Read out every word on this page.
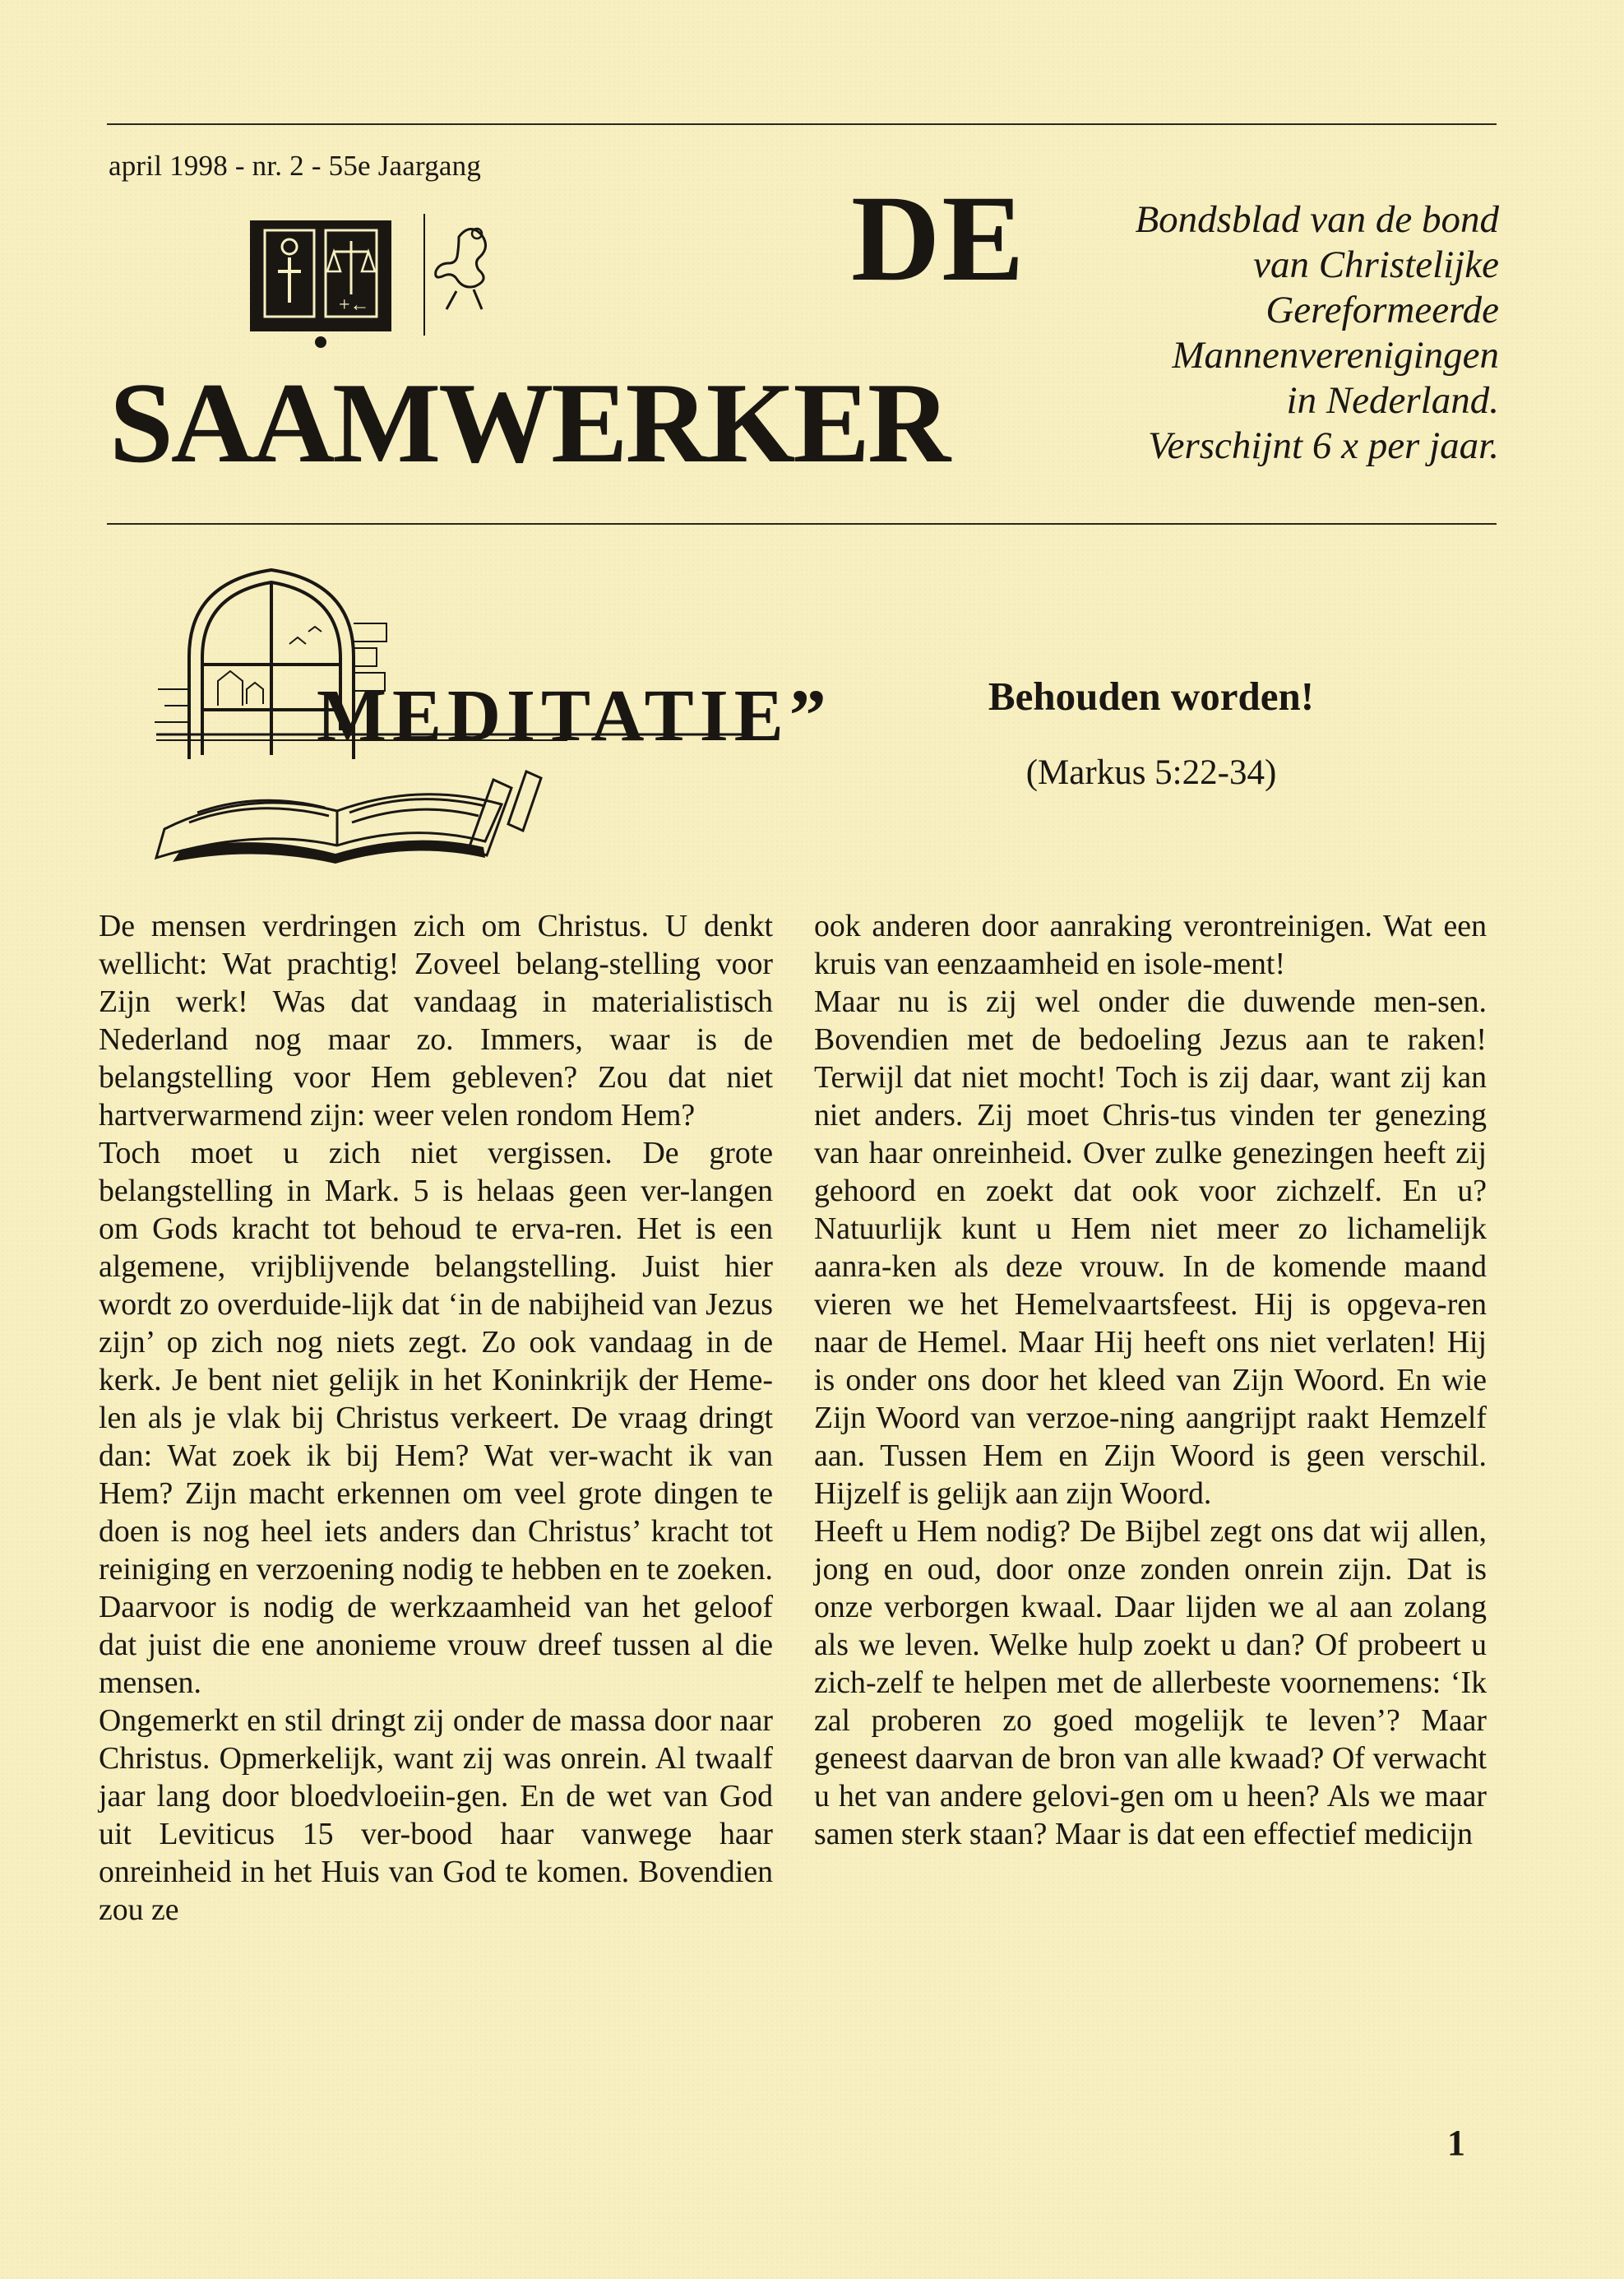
april 1998 - nr. 2 - 55e Jaargang
+←	DE
SAAMWERKER
Bondsblad van de bond
van Christelijke
Gereformeerde
Mannenverenigingen
in Nederland.
Verschijnt 6 x per jaar.
MEDITATIE”	Behouden worden!
(Markus 5:22-34)

De mensen verdringen zich om Christus. U denkt wellicht: Wat prachtig! Zoveel belang-stelling voor Zijn werk! Was dat vandaag in materialistisch Nederland nog maar zo. Immers, waar is de belangstelling voor Hem gebleven? Zou dat niet hartverwarmend zijn: weer velen rondom Hem?

Toch moet u zich niet vergissen. De grote belangstelling in Mark. 5 is helaas geen ver-langen om Gods kracht tot behoud te erva-ren. Het is een algemene, vrijblijvende belangstelling. Juist hier wordt zo overduide-lijk dat ‘in de nabijheid van Jezus zijn’ op zich nog niets zegt. Zo ook vandaag in de kerk. Je bent niet gelijk in het Koninkrijk der Heme-len als je vlak bij Christus verkeert. De vraag dringt dan: Wat zoek ik bij Hem? Wat ver-wacht ik van Hem? Zijn macht erkennen om veel grote dingen te doen is nog heel iets anders dan Christus’ kracht tot reiniging en verzoening nodig te hebben en te zoeken. Daarvoor is nodig de werkzaamheid van het geloof dat juist die ene anonieme vrouw dreef tussen al die mensen.

Ongemerkt en stil dringt zij onder de massa door naar Christus. Opmerkelijk, want zij was onrein. Al twaalf jaar lang door bloedvloeiin-gen. En de wet van God uit Leviticus 15 ver-bood haar vanwege haar onreinheid in het Huis van God te komen. Bovendien zou ze

ook anderen door aanraking verontreinigen. Wat een kruis van eenzaamheid en isole-ment!

Maar nu is zij wel onder die duwende men-sen. Bovendien met de bedoeling Jezus aan te raken! Terwijl dat niet mocht! Toch is zij daar, want zij kan niet anders. Zij moet Chris-tus vinden ter genezing van haar onreinheid. Over zulke genezingen heeft zij gehoord en zoekt dat ook voor zichzelf. En u? Natuurlijk kunt u Hem niet meer zo lichamelijk aanra-ken als deze vrouw. In de komende maand vieren we het Hemelvaartsfeest. Hij is opgeva-ren naar de Hemel. Maar Hij heeft ons niet verlaten! Hij is onder ons door het kleed van Zijn Woord. En wie Zijn Woord van verzoe-ning aangrijpt raakt Hemzelf aan. Tussen Hem en Zijn Woord is geen verschil. Hijzelf is gelijk aan zijn Woord.

Heeft u Hem nodig? De Bijbel zegt ons dat wij allen, jong en oud, door onze zonden onrein zijn. Dat is onze verborgen kwaal. Daar lijden we al aan zolang als we leven. Welke hulp zoekt u dan? Of probeert u zich-zelf te helpen met de allerbeste voornemens: ‘Ik zal proberen zo goed mogelijk te leven’? Maar geneest daarvan de bron van alle kwaad? Of verwacht u het van andere gelovi-gen om u heen? Als we maar samen sterk staan? Maar is dat een effectief medicijn

1
